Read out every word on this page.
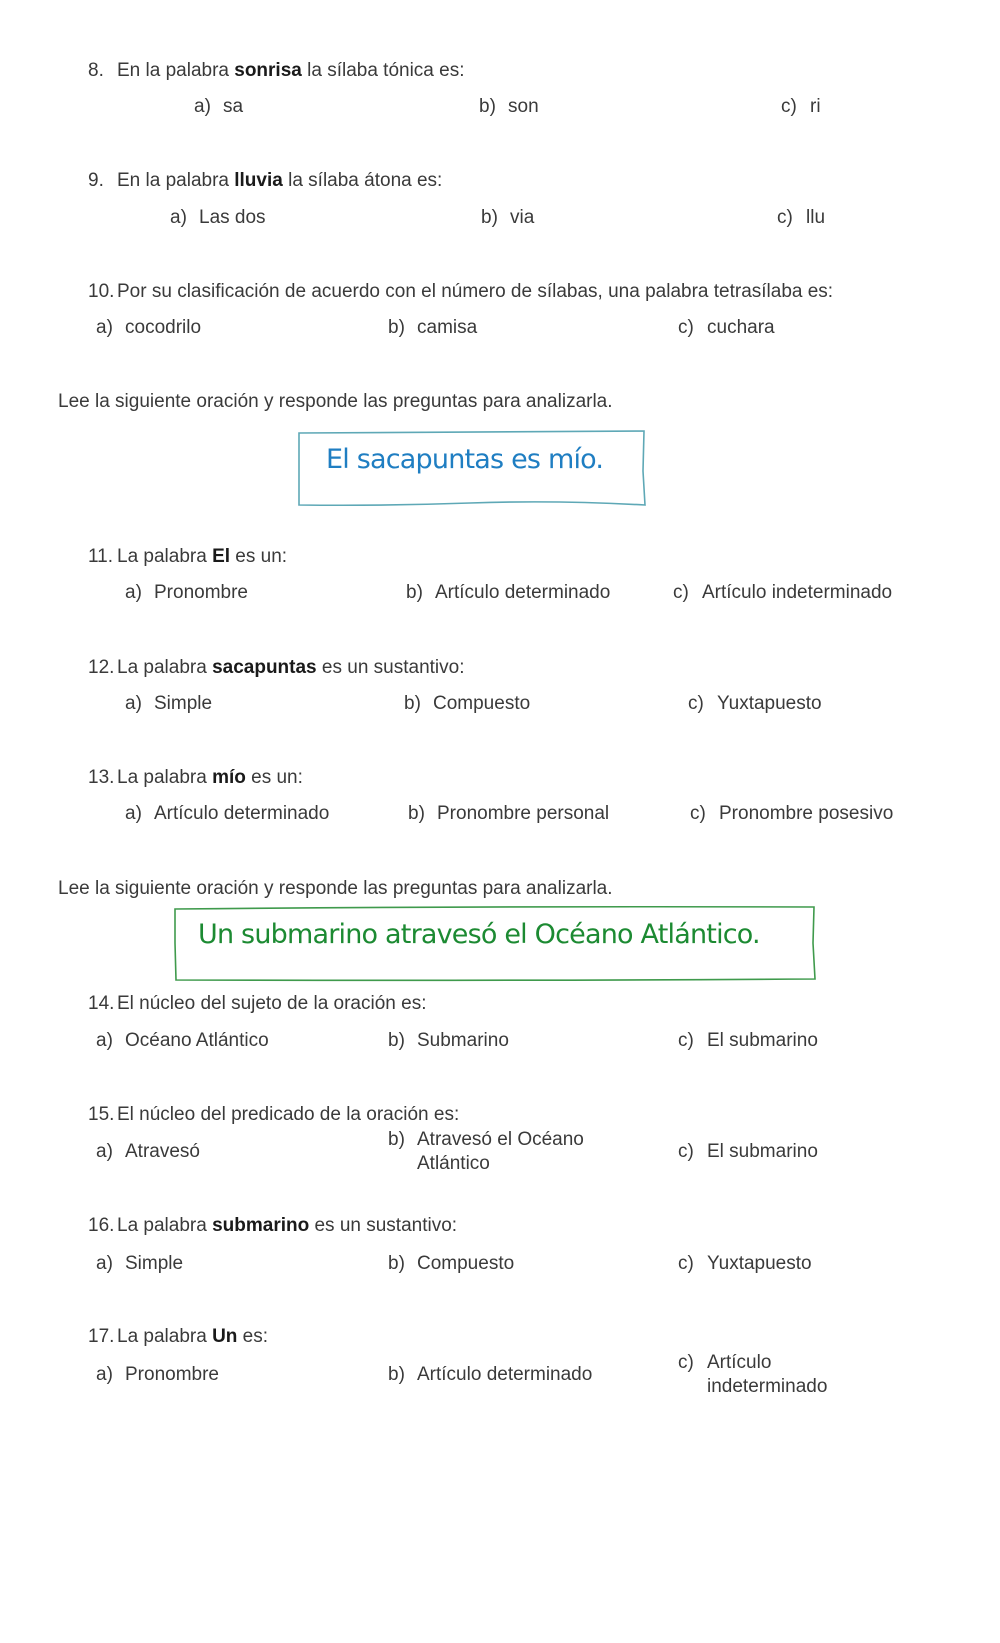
8. En la palabra sonrisa la sílaba tónica es:
a) sa	b) son	c) ri
9. En la palabra lluvia la sílaba átona es:
a) Las dos	b) via	c) llu
10. Por su clasificación de acuerdo con el número de sílabas, una palabra tetrasílaba es:
a) cocodrilo	b) camisa	c) cuchara
Lee la siguiente oración y responde las preguntas para analizarla.
El sacapuntas es mío.
11. La palabra El es un:
a) Pronombre	b) Artículo determinado	c) Artículo indeterminado
12. La palabra sacapuntas es un sustantivo:
a) Simple	b) Compuesto	c) Yuxtapuesto
13. La palabra mío es un:
a) Artículo determinado	b) Pronombre personal	c) Pronombre posesivo
Lee la siguiente oración y responde las preguntas para analizarla.
Un submarino atravesó el Océano Atlántico.
14. El núcleo del sujeto de la oración es:
a) Océano Atlántico	b) Submarino	c) El submarino
15. El núcleo del predicado de la oración es:
a) Atravesó
b) Atravesó el Océano Atlántico
c) El submarino
16. La palabra submarino es un sustantivo:
a) Simple	b) Compuesto	c) Yuxtapuesto
17. La palabra Un es:
a) Pronombre	b) Artículo determinado
c) Artículo indeterminado
